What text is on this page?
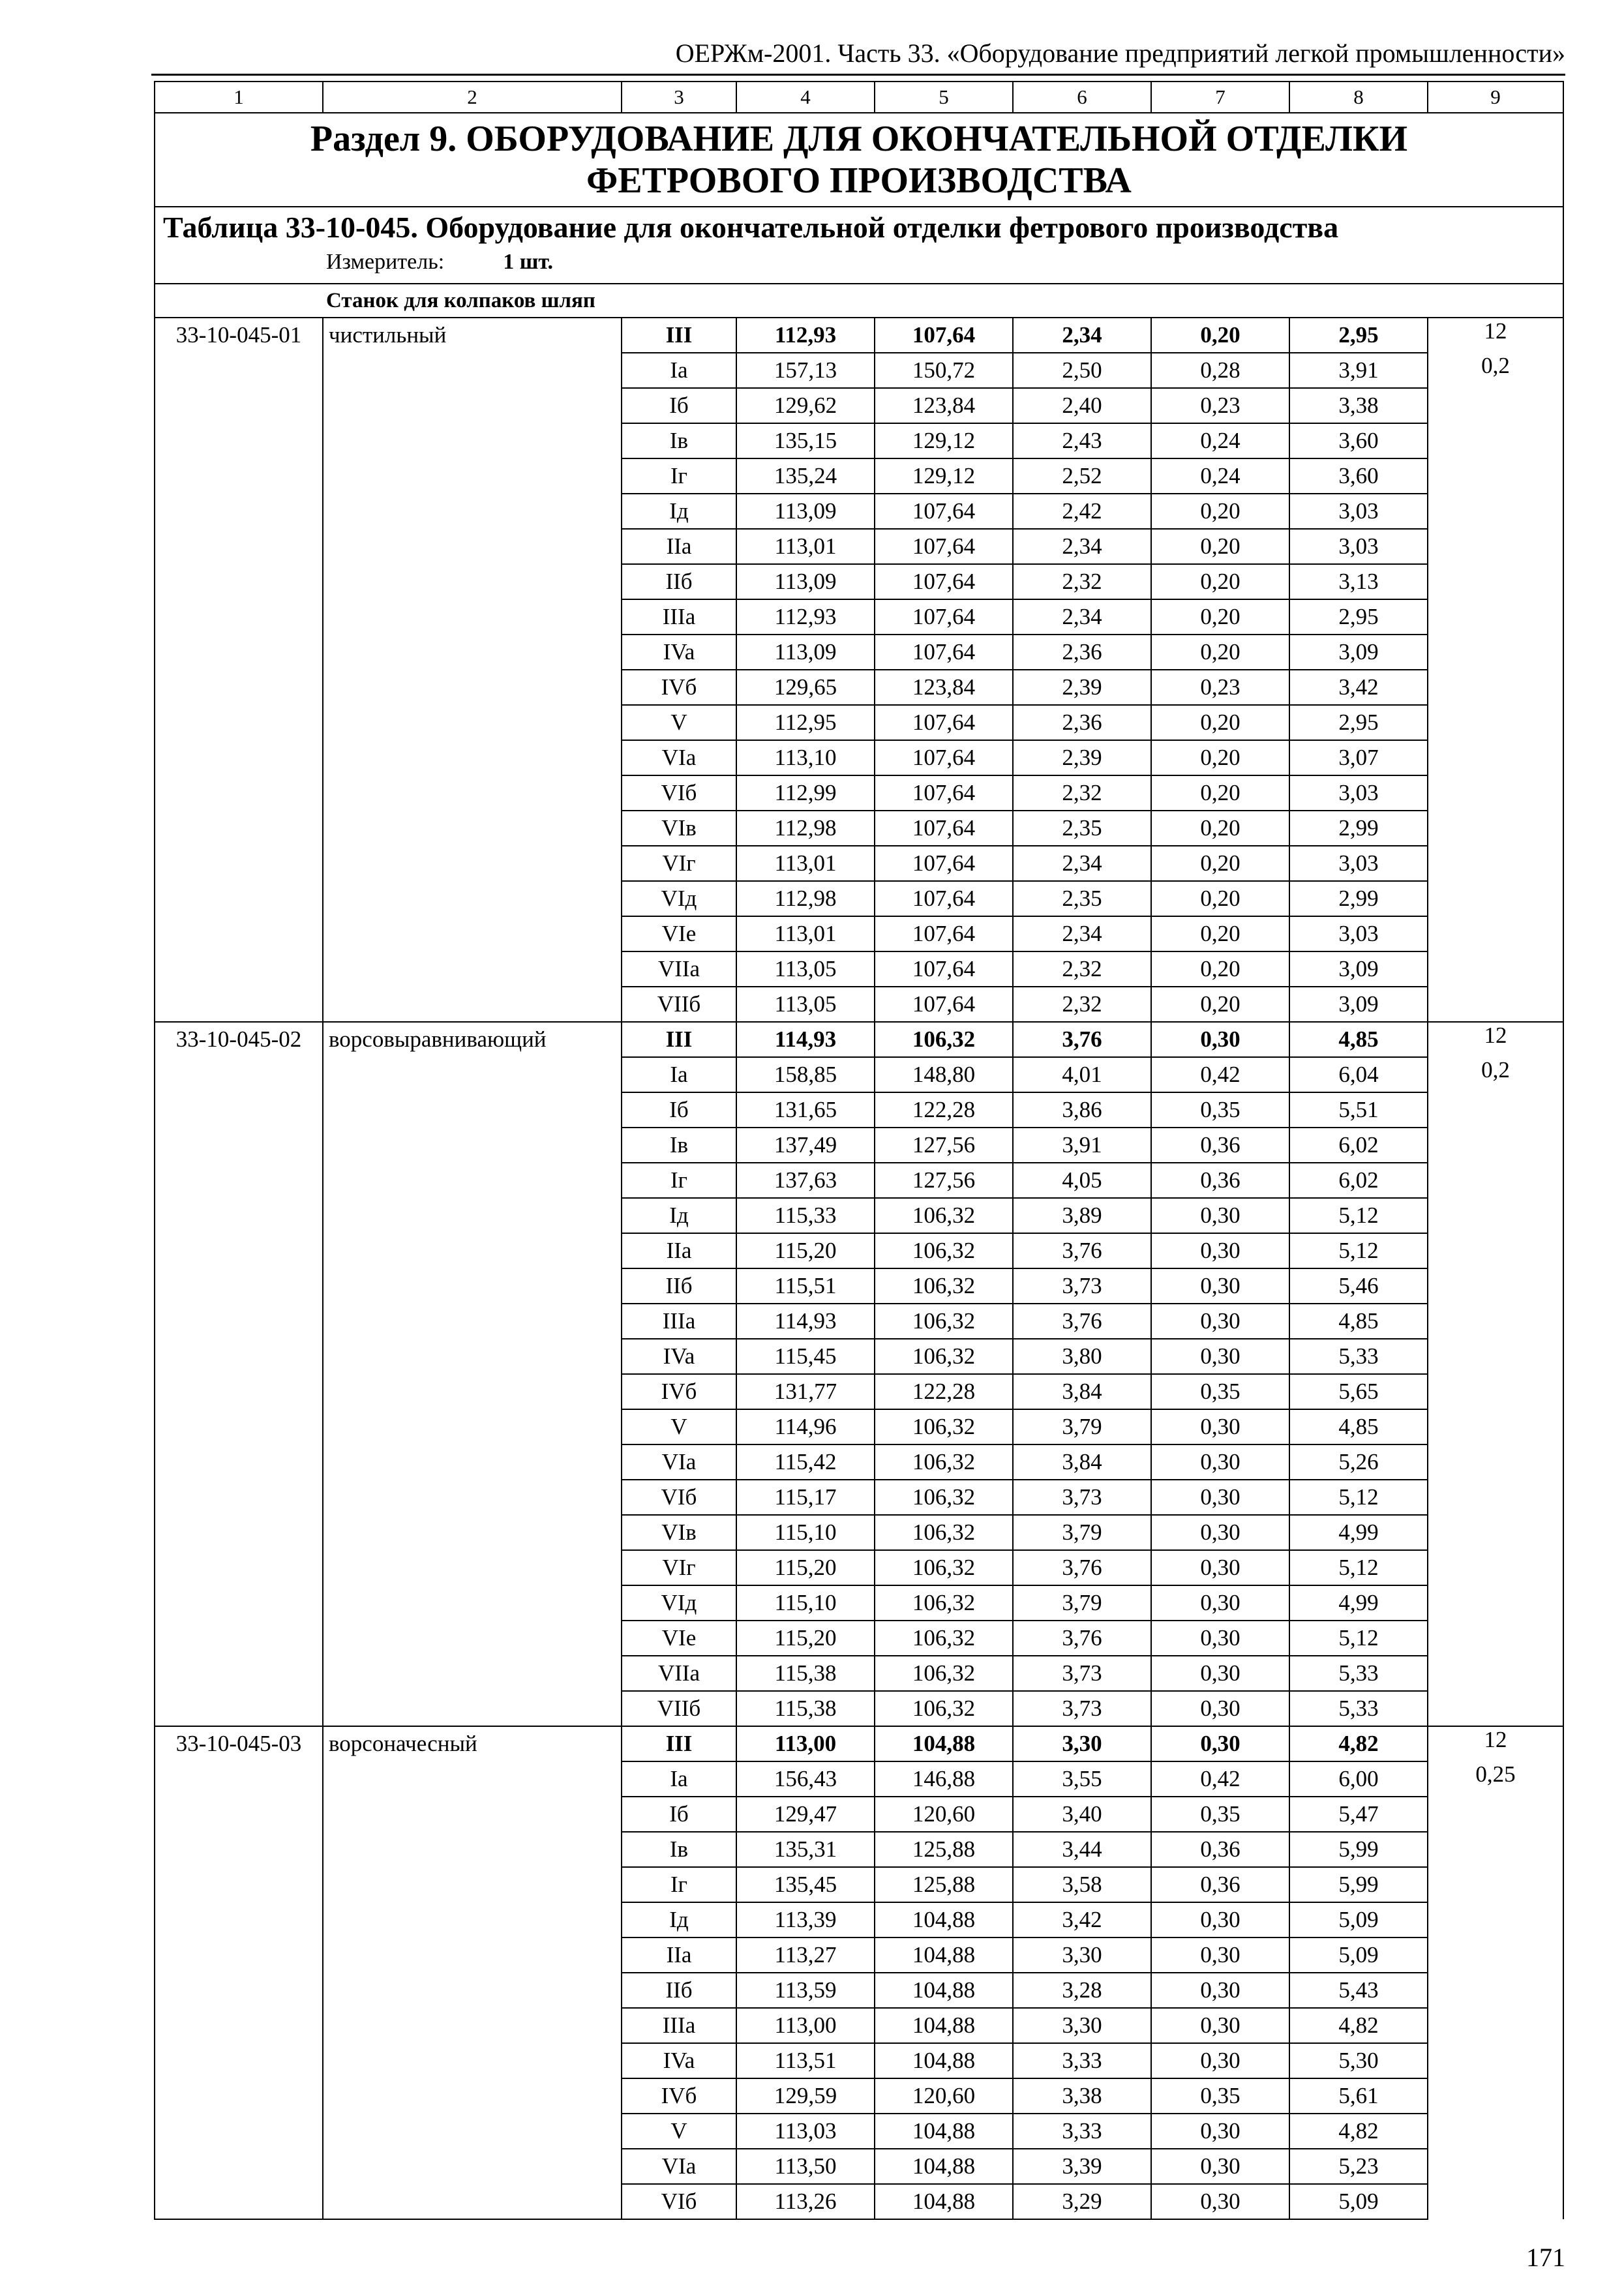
ОЕРЖм-2001. Часть 33. «Оборудование предприятий легкой промышленности»
1	2	3	4	5	6	7	8	9

Раздел 9. ОБОРУДОВАНИЕ ДЛЯ ОКОНЧАТЕЛЬНОЙ ОТДЕЛКИ
ФЕТРОВОГО ПРОИЗВОДСТВА								

Таблица 33-10-045. Оборудование для окончательной отделки фетрового производства
Измеритель: 1 шт.								

Станок для колпаков шляп								
33-10-045-01	чистильный	III	112,93	107,64	2,34	0,20	2,95	12
		Ia	157,13	150,72	2,50	0,28	3,91	0,2
		Iб	129,62	123,84	2,40	0,23	3,38	
		Iв	135,15	129,12	2,43	0,24	3,60	
		Iг	135,24	129,12	2,52	0,24	3,60	
		Iд	113,09	107,64	2,42	0,20	3,03	
		IIa	113,01	107,64	2,34	0,20	3,03	
		IIб	113,09	107,64	2,32	0,20	3,13	
		IIIa	112,93	107,64	2,34	0,20	2,95	
		IVa	113,09	107,64	2,36	0,20	3,09	
		IVб	129,65	123,84	2,39	0,23	3,42	
		V	112,95	107,64	2,36	0,20	2,95	
		VIa	113,10	107,64	2,39	0,20	3,07	
		VIб	112,99	107,64	2,32	0,20	3,03	
		VIв	112,98	107,64	2,35	0,20	2,99	
		VIг	113,01	107,64	2,34	0,20	3,03	
		VIд	112,98	107,64	2,35	0,20	2,99	
		VIe	113,01	107,64	2,34	0,20	3,03	
		VIIa	113,05	107,64	2,32	0,20	3,09	
		VIIб	113,05	107,64	2,32	0,20	3,09	
33-10-045-02	ворсовыравнивающий	III	114,93	106,32	3,76	0,30	4,85	12
		Ia	158,85	148,80	4,01	0,42	6,04	0,2
		Iб	131,65	122,28	3,86	0,35	5,51	
		Iв	137,49	127,56	3,91	0,36	6,02	
		Iг	137,63	127,56	4,05	0,36	6,02	
		Iд	115,33	106,32	3,89	0,30	5,12	
		IIa	115,20	106,32	3,76	0,30	5,12	
		IIб	115,51	106,32	3,73	0,30	5,46	
		IIIa	114,93	106,32	3,76	0,30	4,85	
		IVa	115,45	106,32	3,80	0,30	5,33	
		IVб	131,77	122,28	3,84	0,35	5,65	
		V	114,96	106,32	3,79	0,30	4,85	
		VIa	115,42	106,32	3,84	0,30	5,26	
		VIб	115,17	106,32	3,73	0,30	5,12	
		VIв	115,10	106,32	3,79	0,30	4,99	
		VIг	115,20	106,32	3,76	0,30	5,12	
		VIд	115,10	106,32	3,79	0,30	4,99	
		VIe	115,20	106,32	3,76	0,30	5,12	
		VIIa	115,38	106,32	3,73	0,30	5,33	
		VIIб	115,38	106,32	3,73	0,30	5,33	
33-10-045-03	ворсоначесный	III	113,00	104,88	3,30	0,30	4,82	12
		Ia	156,43	146,88	3,55	0,42	6,00	0,25
		Iб	129,47	120,60	3,40	0,35	5,47	
		Iв	135,31	125,88	3,44	0,36	5,99	
		Iг	135,45	125,88	3,58	0,36	5,99	
		Iд	113,39	104,88	3,42	0,30	5,09	
		IIa	113,27	104,88	3,30	0,30	5,09	
		IIб	113,59	104,88	3,28	0,30	5,43	
		IIIa	113,00	104,88	3,30	0,30	4,82	
		IVa	113,51	104,88	3,33	0,30	5,30	
		IVб	129,59	120,60	3,38	0,35	5,61	
		V	113,03	104,88	3,33	0,30	4,82	
		VIa	113,50	104,88	3,39	0,30	5,23	
		VIб	113,26	104,88	3,29	0,30	5,09	
171
